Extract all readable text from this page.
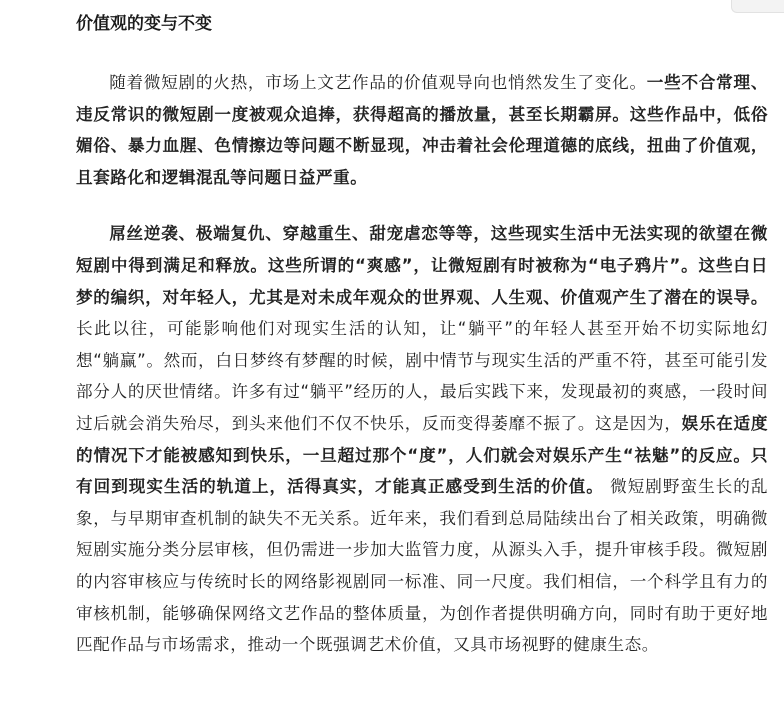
价值观的变与不变

随着微短剧的火热，市场上文艺作品的价值观导向也悄然发生了变化。一些不合常理、违反常识的微短剧一度被观众追捧，获得超高的播放量，甚至长期霸屏。这些作品中，低俗媚俗、暴力血腥、色情擦边等问题不断显现，冲击着社会伦理道德的底线，扭曲了价值观，且套路化和逻辑混乱等问题日益严重。

屌丝逆袭、极端复仇、穿越重生、甜宠虐恋等等，这些现实生活中无法实现的欲望在微短剧中得到满足和释放。这些所谓的“爽感”，让微短剧有时被称为“电子鸦片”。这些白日梦的编织，对年轻人，尤其是对未成年观众的世界观、人生观、价值观产生了潜在的误导。长此以往，可能影响他们对现实生活的认知，让“躺平”的年轻人甚至开始不切实际地幻想“躺赢”。然而，白日梦终有梦醒的时候，剧中情节与现实生活的严重不符，甚至可能引发部分人的厌世情绪。许多有过“躺平”经历的人，最后实践下来，发现最初的爽感，一段时间过后就会消失殆尽，到头来他们不仅不快乐，反而变得萎靡不振了。这是因为，娱乐在适度的情况下才能被感知到快乐，一旦超过那个“度”，人们就会对娱乐产生“祛魅”的反应。只有回到现实生活的轨道上，活得真实，才能真正感受到生活的价值。 微短剧野蛮生长的乱象，与早期审查机制的缺失不无关系。近年来，我们看到总局陆续出台了相关政策，明确微短剧实施分类分层审核，但仍需进一步加大监管力度，从源头入手，提升审核手段。微短剧的内容审核应与传统时长的网络影视剧同一标准、同一尺度。我们相信，一个科学且有力的审核机制，能够确保网络文艺作品的整体质量，为创作者提供明确方向，同时有助于更好地匹配作品与市场需求，推动一个既强调艺术价值，又具市场视野的健康生态。
